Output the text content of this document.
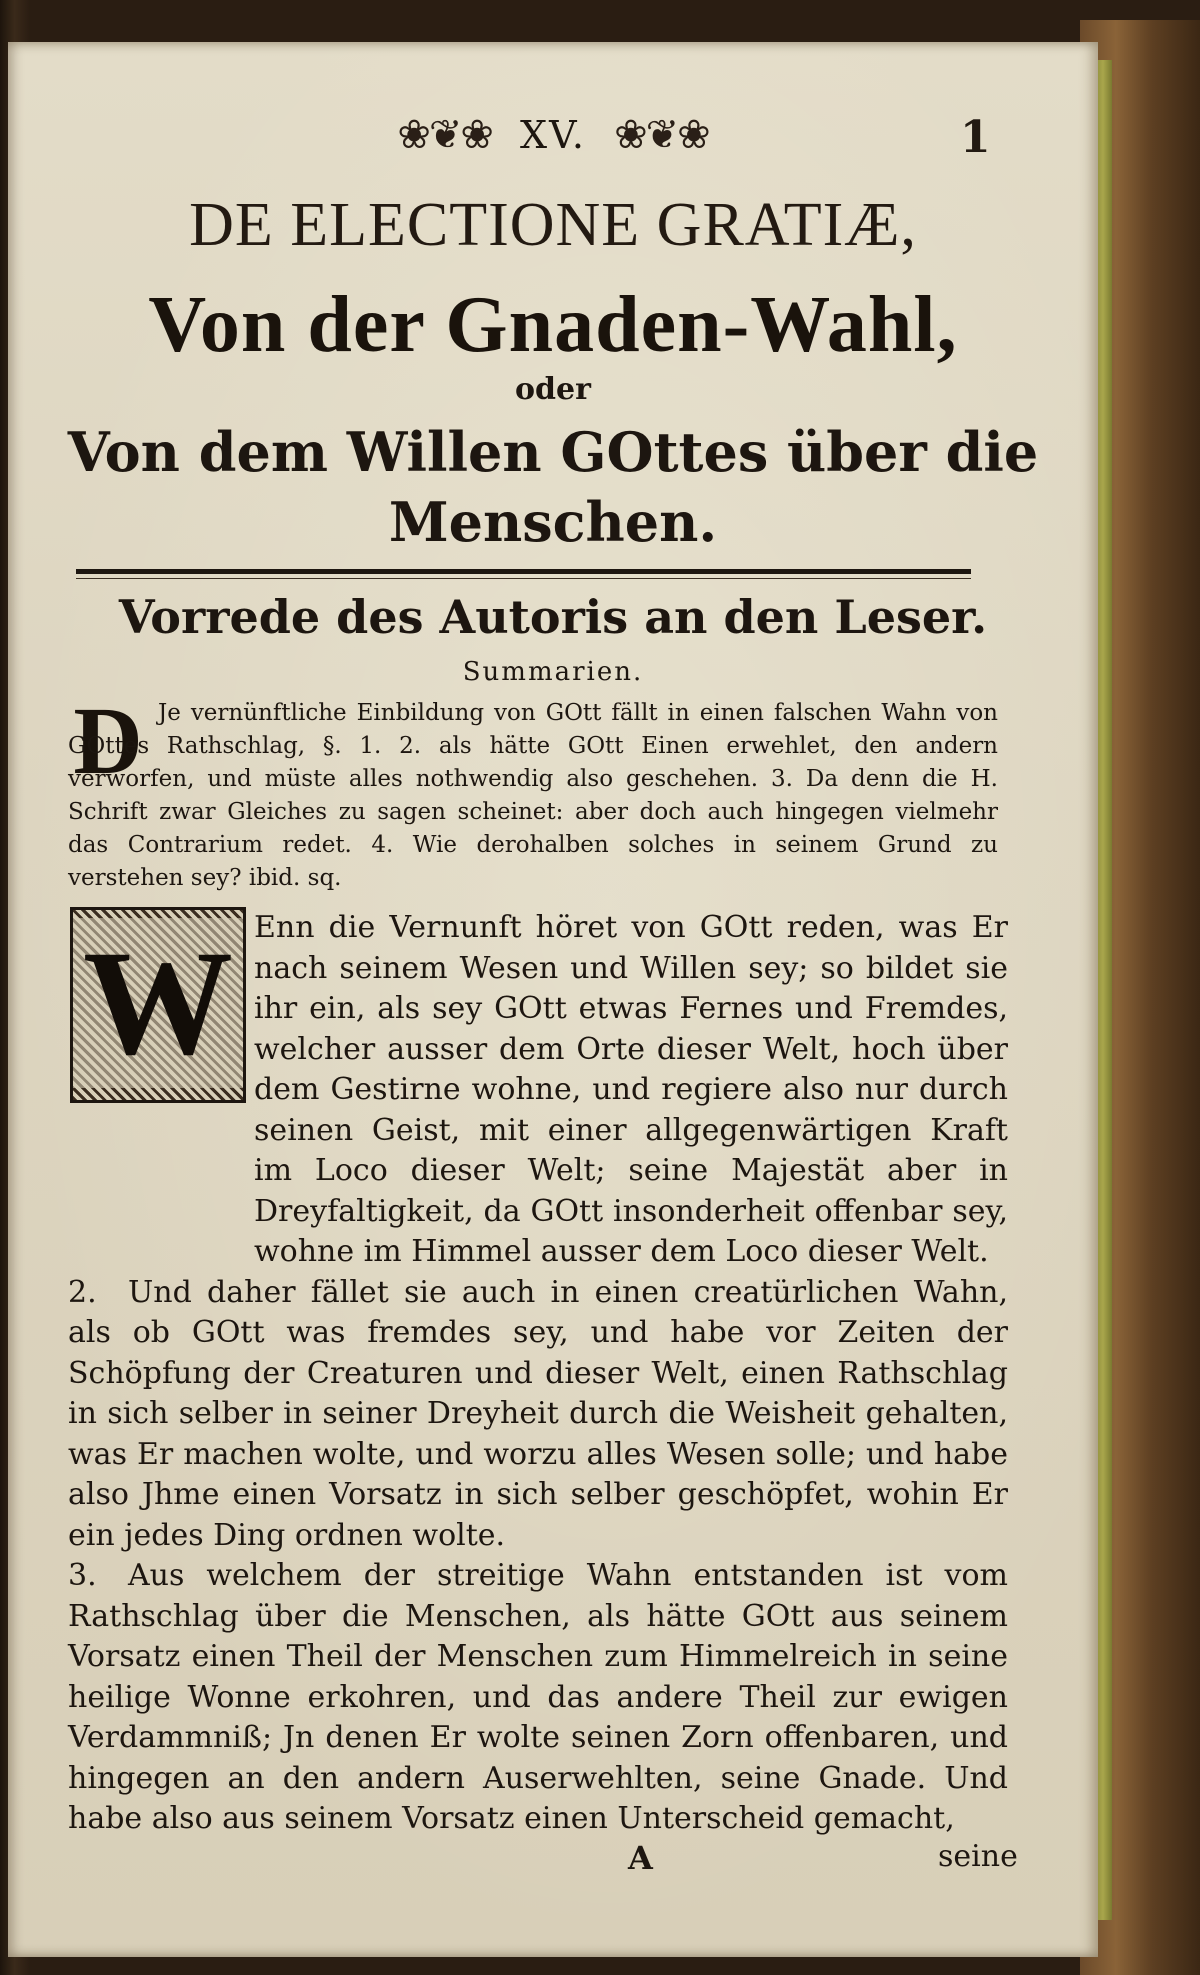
❀❦❀ XV. ❀❦❀	1
DE ELECTIONE GRATIÆ,
Von der Gnaden-Wahl,
oder
Von dem Willen GOttes über die
Menschen.
Vorrede des Autoris an den Leser.
Summarien.
D Je vernünftliche Einbildung von GOtt fällt in einen falschen Wahn von GOttes Rathschlag, §. 1. 2. als hätte GOtt Einen erwehlet, den andern verworfen, und müste alles nothwendig also geschehen. 3. Da denn die H. Schrift zwar Gleiches zu sagen scheinet: aber doch auch hingegen vielmehr das Contrarium redet. 4. Wie derohalben solches in seinem Grund zu verstehen sey? ibid. sq.
W Enn die Vernunft höret von GOtt reden, was Er nach seinem Wesen und Willen sey; so bildet sie ihr ein, als sey GOtt etwas Fernes und Fremdes, welcher ausser dem Orte dieser Welt, hoch über dem Gestirne wohne, und regiere also nur durch seinen Geist, mit einer allgegenwärtigen Kraft im Loco dieser Welt; seine Majestät aber in Dreyfaltigkeit, da GOtt insonderheit offenbar sey, wohne im Himmel ausser dem Loco dieser Welt.

2. Und daher fället sie auch in einen creatürlichen Wahn, als ob GOtt was fremdes sey, und habe vor Zeiten der Schöpfung der Creaturen und dieser Welt, einen Rathschlag in sich selber in seiner Dreyheit durch die Weisheit gehalten, was Er machen wolte, und worzu alles Wesen solle; und habe also Jhme einen Vorsatz in sich selber geschöpfet, wohin Er ein jedes Ding ordnen wolte.

3. Aus welchem der streitige Wahn entstanden ist vom Rathschlag über die Menschen, als hätte GOtt aus seinem Vorsatz einen Theil der Menschen zum Himmelreich in seine heilige Wonne erkohren, und das andere Theil zur ewigen Verdammniß; Jn denen Er wolte seinen Zorn offenbaren, und hingegen an den andern Auserwehlten, seine Gnade. Und habe also aus seinem Vorsatz einen Unterscheid gemacht,

A	seine
